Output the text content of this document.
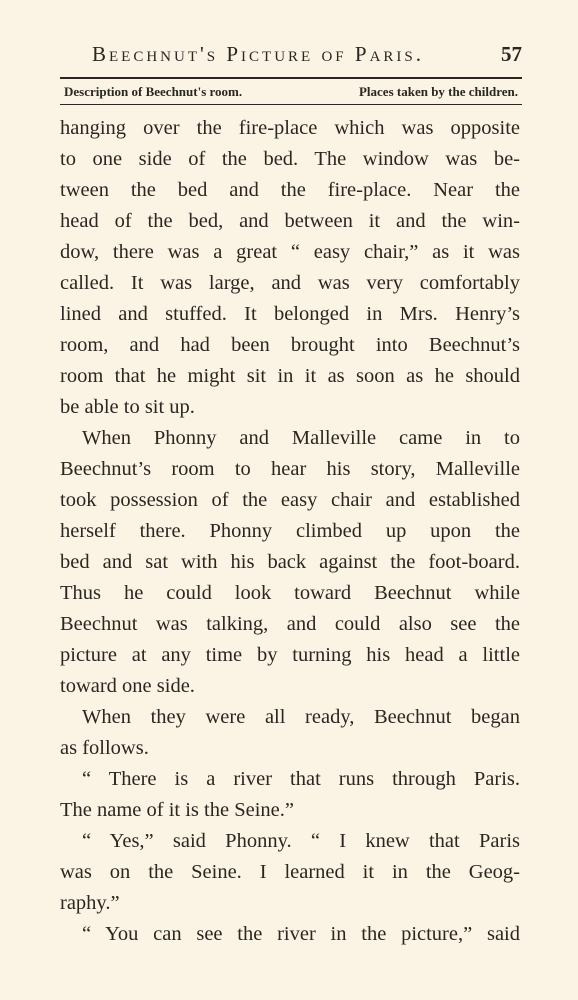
Beechnut's Picture of Paris.	57
Description of Beechnut's room.	Places taken by the children.
hanging over the fire-place which was opposite
to one side of the bed. The window was be-
tween the bed and the fire-place. Near the
head of the bed, and between it and the win-
dow, there was a great “ easy chair,” as it was
called. It was large, and was very comfortably
lined and stuffed. It belonged in Mrs. Henry’s
room, and had been brought into Beechnut’s
room that he might sit in it as soon as he should
be able to sit up.
When Phonny and Malleville came in to
Beechnut’s room to hear his story, Malleville
took possession of the easy chair and established
herself there. Phonny climbed up upon the
bed and sat with his back against the foot-board.
Thus he could look toward Beechnut while
Beechnut was talking, and could also see the
picture at any time by turning his head a little
toward one side.
When they were all ready, Beechnut began
as follows.
“ There is a river that runs through Paris.
The name of it is the Seine.”
“ Yes,” said Phonny. “ I knew that Paris
was on the Seine. I learned it in the Geog-
raphy.”
“ You can see the river in the picture,” said
